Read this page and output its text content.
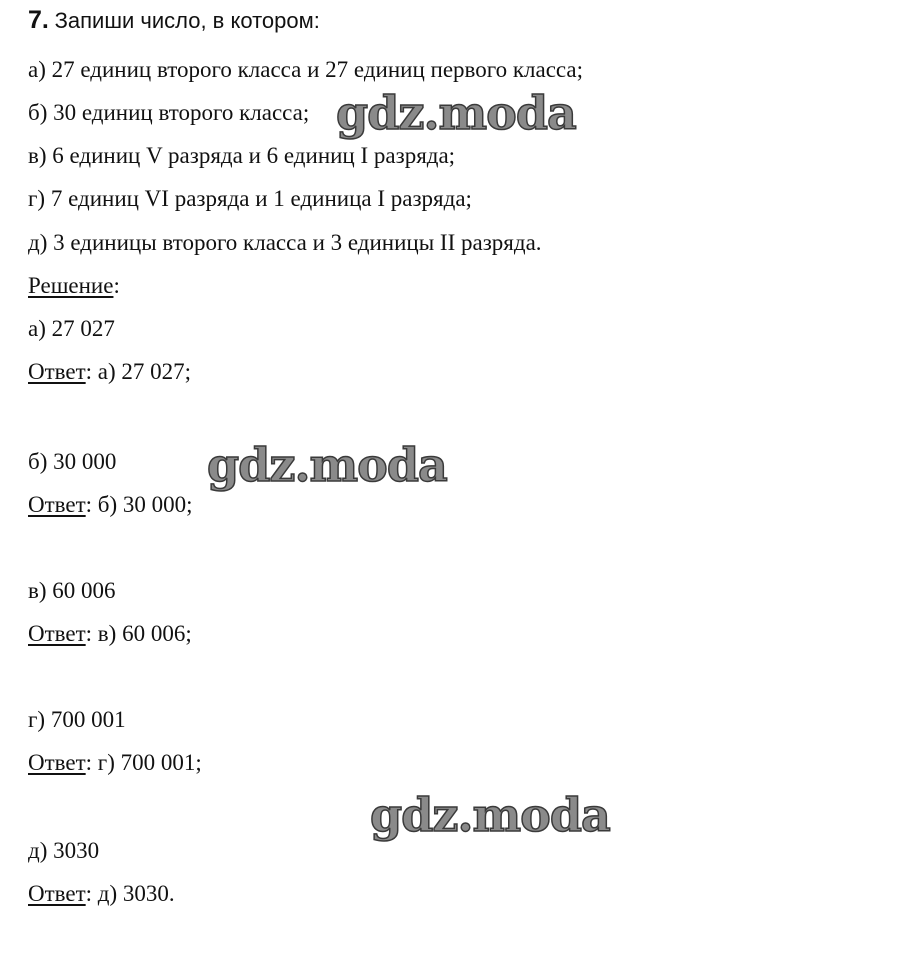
7. Запиши число, в котором:
а) 27 единиц второго класса и 27 единиц первого класса;
б) 30 единиц второго класса;
в) 6 единиц V разряда и 6 единиц I разряда;
г) 7 единиц VI разряда и 1 единица I разряда;
д) 3 единицы второго класса и 3 единицы II разряда.
Решение:
а) 27 027
Ответ: а) 27 027;
б) 30 000
Ответ: б) 30 000;
в) 60 006
Ответ: в) 60 006;
г) 700 001
Ответ: г) 700 001;
д) 3030
Ответ: д) 3030.
gdz.moda
gdz.moda
gdz.moda
